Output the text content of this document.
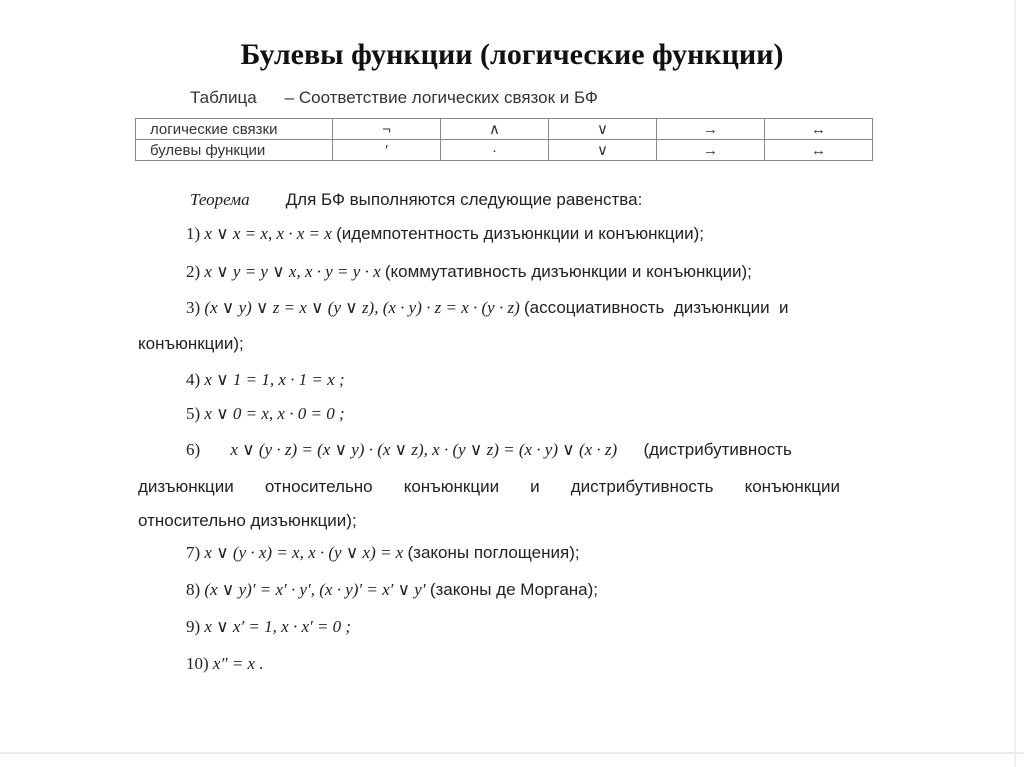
Булевы функции (логические функции)
Таблица – Соответствие логических связок и БФ
логические связки	¬	∧	∨	→	↔
булевы функции	′	·	∨	→	↔
Теорема Для БФ выполняются следующие равенства:
1) x ∨ x = x, x · x = x (идемпотентность дизъюнкции и конъюнкции);
2) x ∨ y = y ∨ x, x · y = y · x (коммутативность дизъюнкции и конъюнкции);
3) (x ∨ y) ∨ z = x ∨ (y ∨ z), (x · y) · z = x · (y · z) (ассоциативность  дизъюнкции  и
конъюнкции);
4) x ∨ 1 = 1, x · 1 = x ;
5) x ∨ 0 = x, x · 0 = 0 ;
6) x ∨ (y · z) = (x ∨ y) · (x ∨ z), x · (y ∨ z) = (x · y) ∨ (x · z) (дистрибутивность
дизъюнкции относительно конъюнкции и дистрибутивность конъюнкции
относительно дизъюнкции);
7) x ∨ (y · x) = x, x · (y ∨ x) = x (законы поглощения);
8) (x ∨ y)′ = x′ · y′, (x · y)′ = x′ ∨ y′ (законы де Моргана);
9) x ∨ x′ = 1, x · x′ = 0 ;
10) x″ = x .
